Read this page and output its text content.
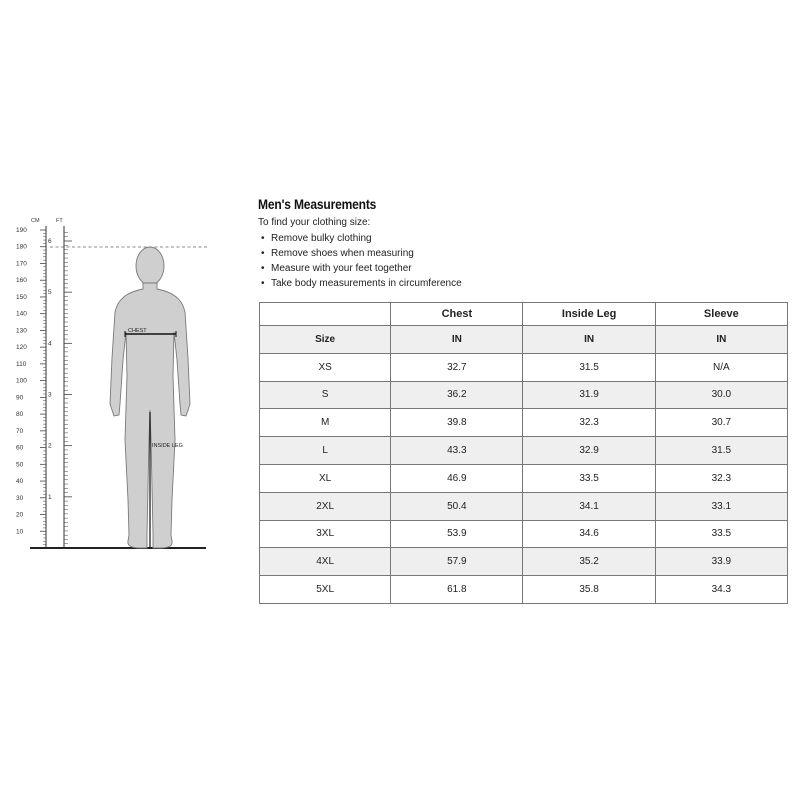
CM	FT
190
180
170
160
150
140
130
120
110
100
90
80
70
60
50
40
30
20
10
6
5
4
3
2
1
CHEST
INSIDE LEG
Men's Measurements
To find your clothing size:
• Remove bulky clothing
• Remove shoes when measuring
• Measure with your feet together
• Take body measurements in circumference
	Chest	Inside Leg	Sleeve
Size	IN	IN	IN
XS	32.7	31.5	N/A
S	36.2	31.9	30.0
M	39.8	32.3	30.7
L	43.3	32.9	31.5
XL	46.9	33.5	32.3
2XL	50.4	34.1	33.1
3XL	53.9	34.6	33.5
4XL	57.9	35.2	33.9
5XL	61.8	35.8	34.3
